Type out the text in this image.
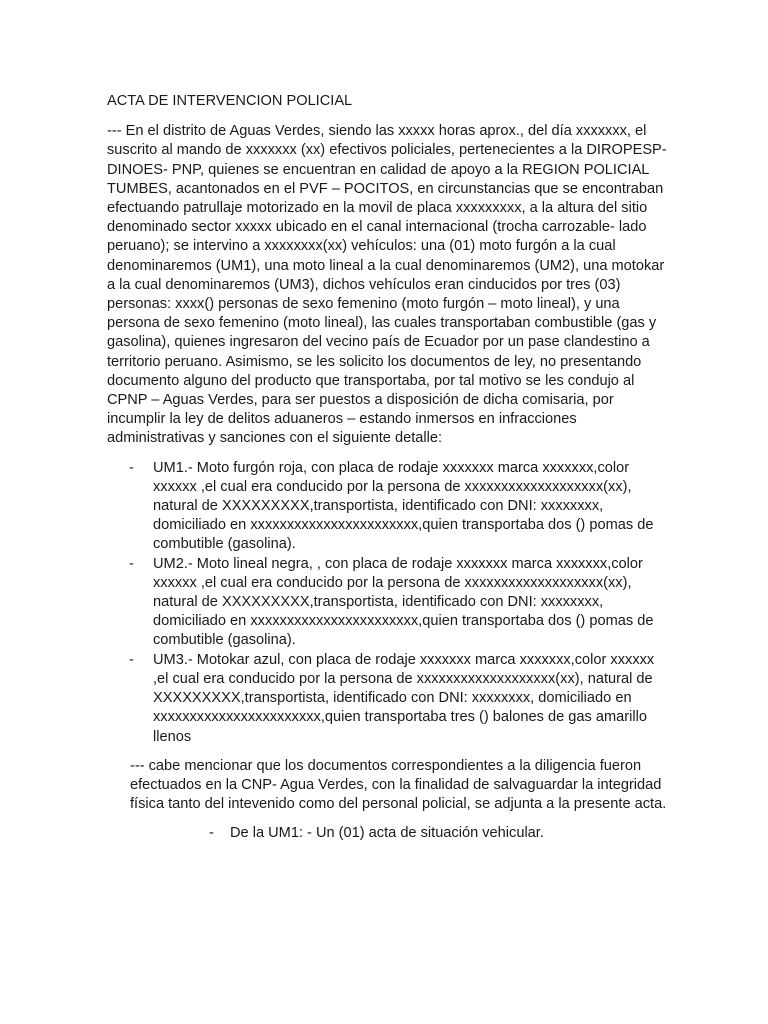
ACTA DE INTERVENCION POLICIAL

--- En el distrito de Aguas Verdes, siendo las xxxxx horas aprox., del día xxxxxxx, el suscrito al mando de xxxxxxx (xx) efectivos policiales, pertenecientes a la DIROPESP- DINOES- PNP, quienes se encuentran en calidad de apoyo a la REGION POLICIAL TUMBES, acantonados en el PVF – POCITOS, en circunstancias que se encontraban efectuando patrullaje motorizado en la movil de placa xxxxxxxxx, a la altura del sitio denominado sector xxxxx ubicado en el canal internacional (trocha carrozable- lado peruano); se intervino a xxxxxxxx(xx) vehículos: una (01) moto furgón a la cual denominaremos (UM1), una moto lineal a la cual denominaremos (UM2), una motokar a la cual denominaremos (UM3), dichos vehículos eran cinducidos por tres (03) personas: xxxx() personas de sexo femenino (moto furgón – moto lineal), y una persona de sexo femenino (moto lineal), las cuales transportaban combustible (gas y gasolina), quienes ingresaron del vecino país de Ecuador por un pase clandestino a territorio peruano. Asimismo, se les solicito los documentos de ley, no presentando documento alguno del producto que transportaba, por tal motivo se les condujo al CPNP – Aguas Verdes, para ser puestos a disposición de dicha comisaria, por incumplir la ley de delitos aduaneros – estando inmersos en infracciones administrativas y sanciones con el siguiente detalle:

- UM1.- Moto furgón roja, con placa de rodaje xxxxxxx marca xxxxxxx,color xxxxxx ,el cual era conducido por la persona de xxxxxxxxxxxxxxxxxxx(xx), natural de XXXXXXXXX,transportista, identificado con DNI: xxxxxxxx, domiciliado en xxxxxxxxxxxxxxxxxxxxxxx,quien transportaba dos () pomas de combutible (gasolina).
- UM2.- Moto lineal negra, , con placa de rodaje xxxxxxx marca xxxxxxx,color xxxxxx ,el cual era conducido por la persona de xxxxxxxxxxxxxxxxxxx(xx), natural de XXXXXXXXX,transportista, identificado con DNI: xxxxxxxx, domiciliado en xxxxxxxxxxxxxxxxxxxxxxx,quien transportaba dos () pomas de combutible (gasolina).
- UM3.- Motokar azul, con placa de rodaje xxxxxxx marca xxxxxxx,color xxxxxx ,el cual era conducido por la persona de xxxxxxxxxxxxxxxxxxx(xx), natural de XXXXXXXXX,transportista, identificado con DNI: xxxxxxxx, domiciliado en xxxxxxxxxxxxxxxxxxxxxxx,quien transportaba tres () balones de gas amarillo llenos

--- cabe mencionar que los documentos correspondientes a la diligencia fueron efectuados en la CNP- Agua Verdes, con la finalidad de salvaguardar la integridad física tanto del intevenido como del personal policial, se adjunta a la presente acta.

- De la UM1: - Un (01) acta de situación vehicular.
